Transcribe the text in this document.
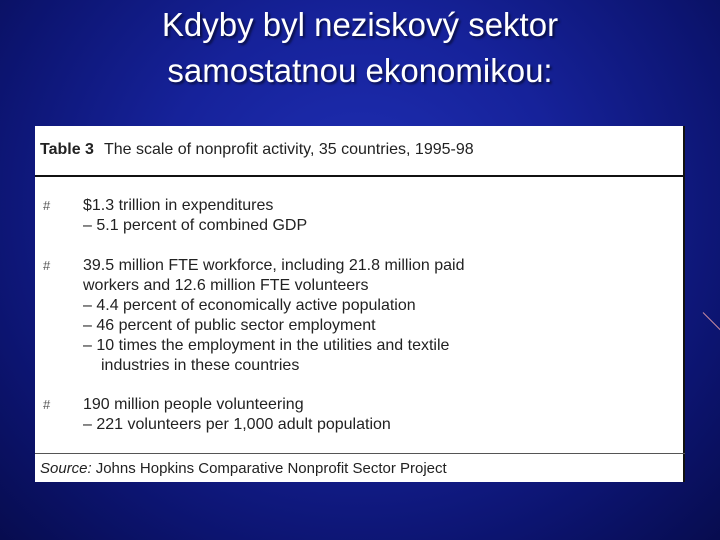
Kdyby byl neziskový sektor
samostatnou ekonomikou:
Table 3 The scale of nonprofit activity, 35 countries, 1995-98
#	$1.3 trillion in expenditures
– 5.1 percent of combined GDP
#	39.5 million FTE workforce, including 21.8 million paid
workers and 12.6 million FTE volunteers
– 4.4 percent of economically active population
– 46 percent of public sector employment
– 10 times the employment in the utilities and textile
industries in these countries
#	190 million people volunteering
– 221 volunteers per 1,000 adult population
Source: Johns Hopkins Comparative Nonprofit Sector Project
